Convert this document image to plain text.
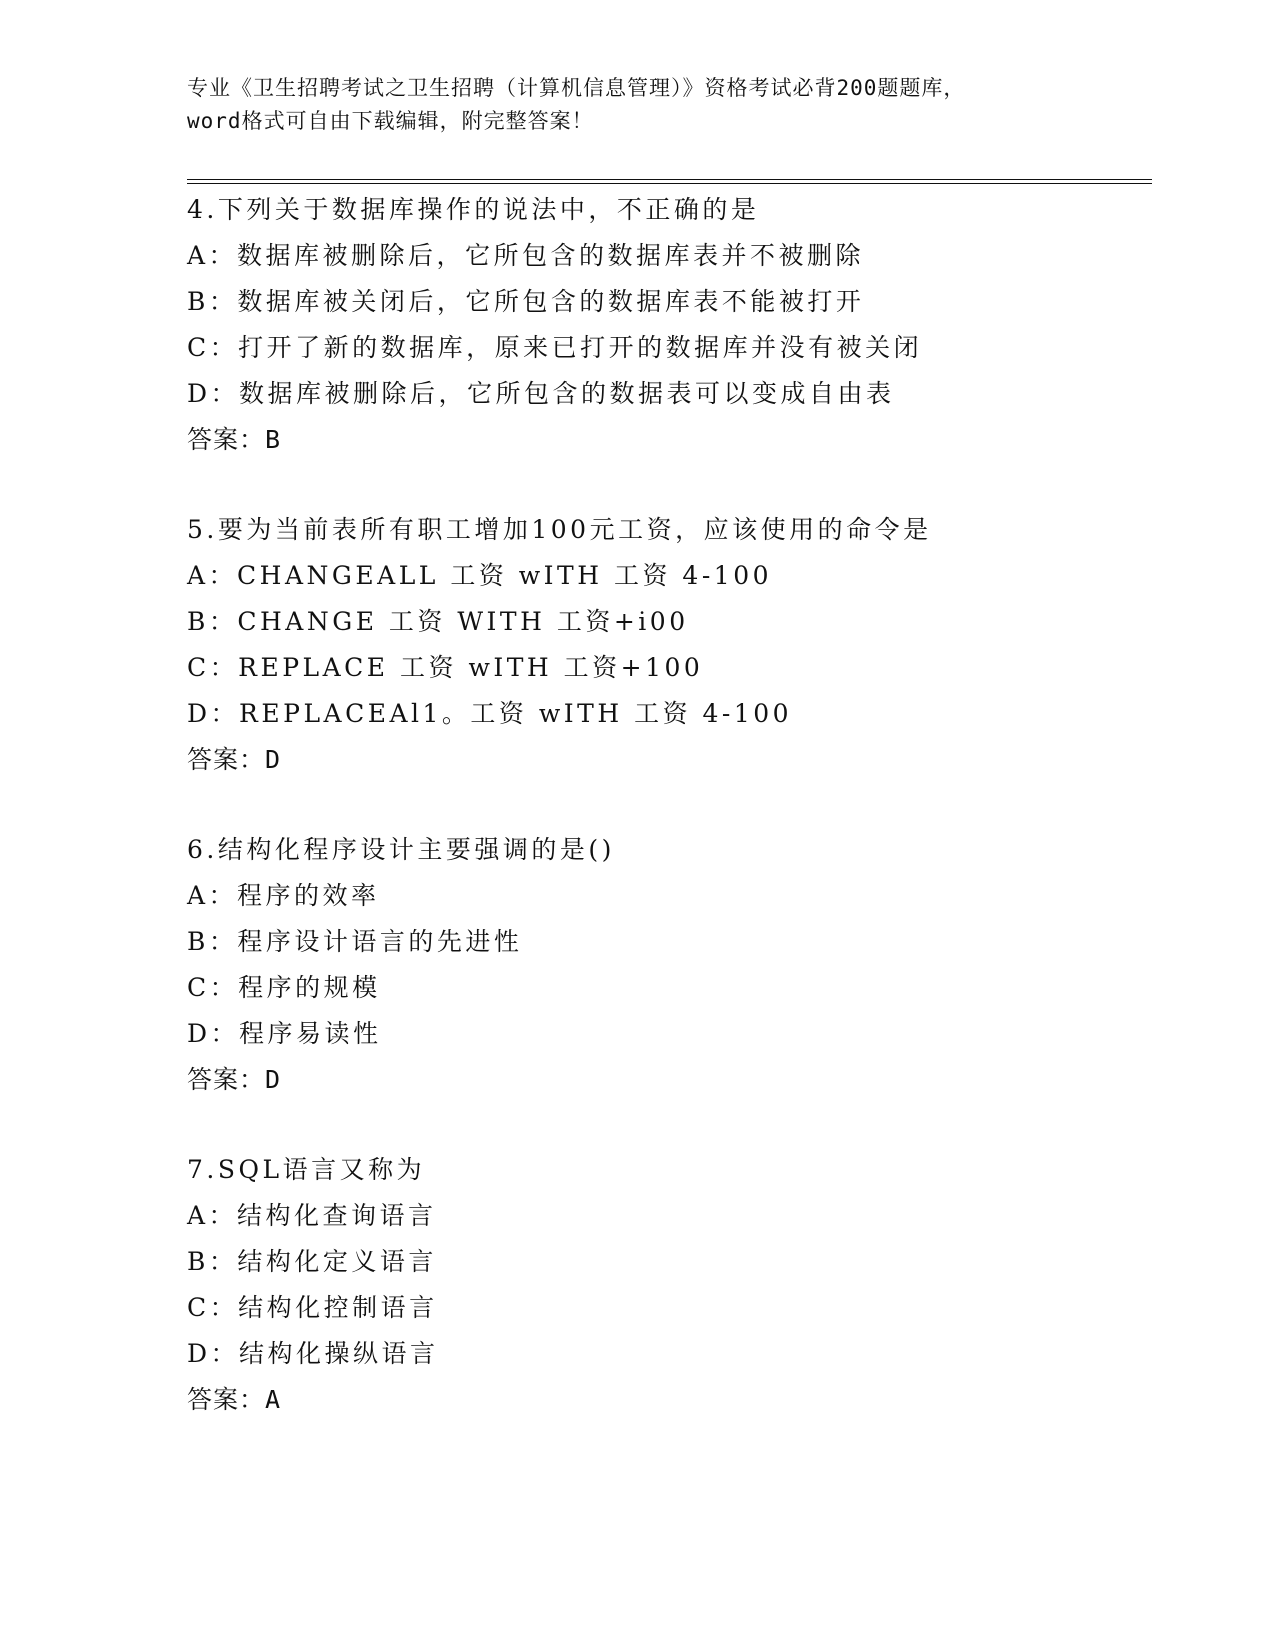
专业《卫生招聘考试之卫生招聘（计算机信息管理）》资格考试必背200题题库，
word格式可自由下载编辑，附完整答案！
4.下列关于数据库操作的说法中，不正确的是
A：数据库被删除后，它所包含的数据库表并不被删除
B：数据库被关闭后，它所包含的数据库表不能被打开
C：打开了新的数据库，原来已打开的数据库并没有被关闭
D：数据库被删除后，它所包含的数据表可以变成自由表
答案：B
5.要为当前表所有职工增加100元工资，应该使用的命令是
A：CHANGEALL 工资 wITH 工资 4-100
B：CHANGE 工资 WITH 工资+i00
C：REPLACE 工资 wITH 工资+100
D：REPLACEAl1。工资 wITH 工资 4-100
答案：D
6.结构化程序设计主要强调的是()
A：程序的效率
B：程序设计语言的先进性
C：程序的规模
D：程序易读性
答案：D
7.SQL语言又称为
A：结构化查询语言
B：结构化定义语言
C：结构化控制语言
D：结构化操纵语言
答案：A
